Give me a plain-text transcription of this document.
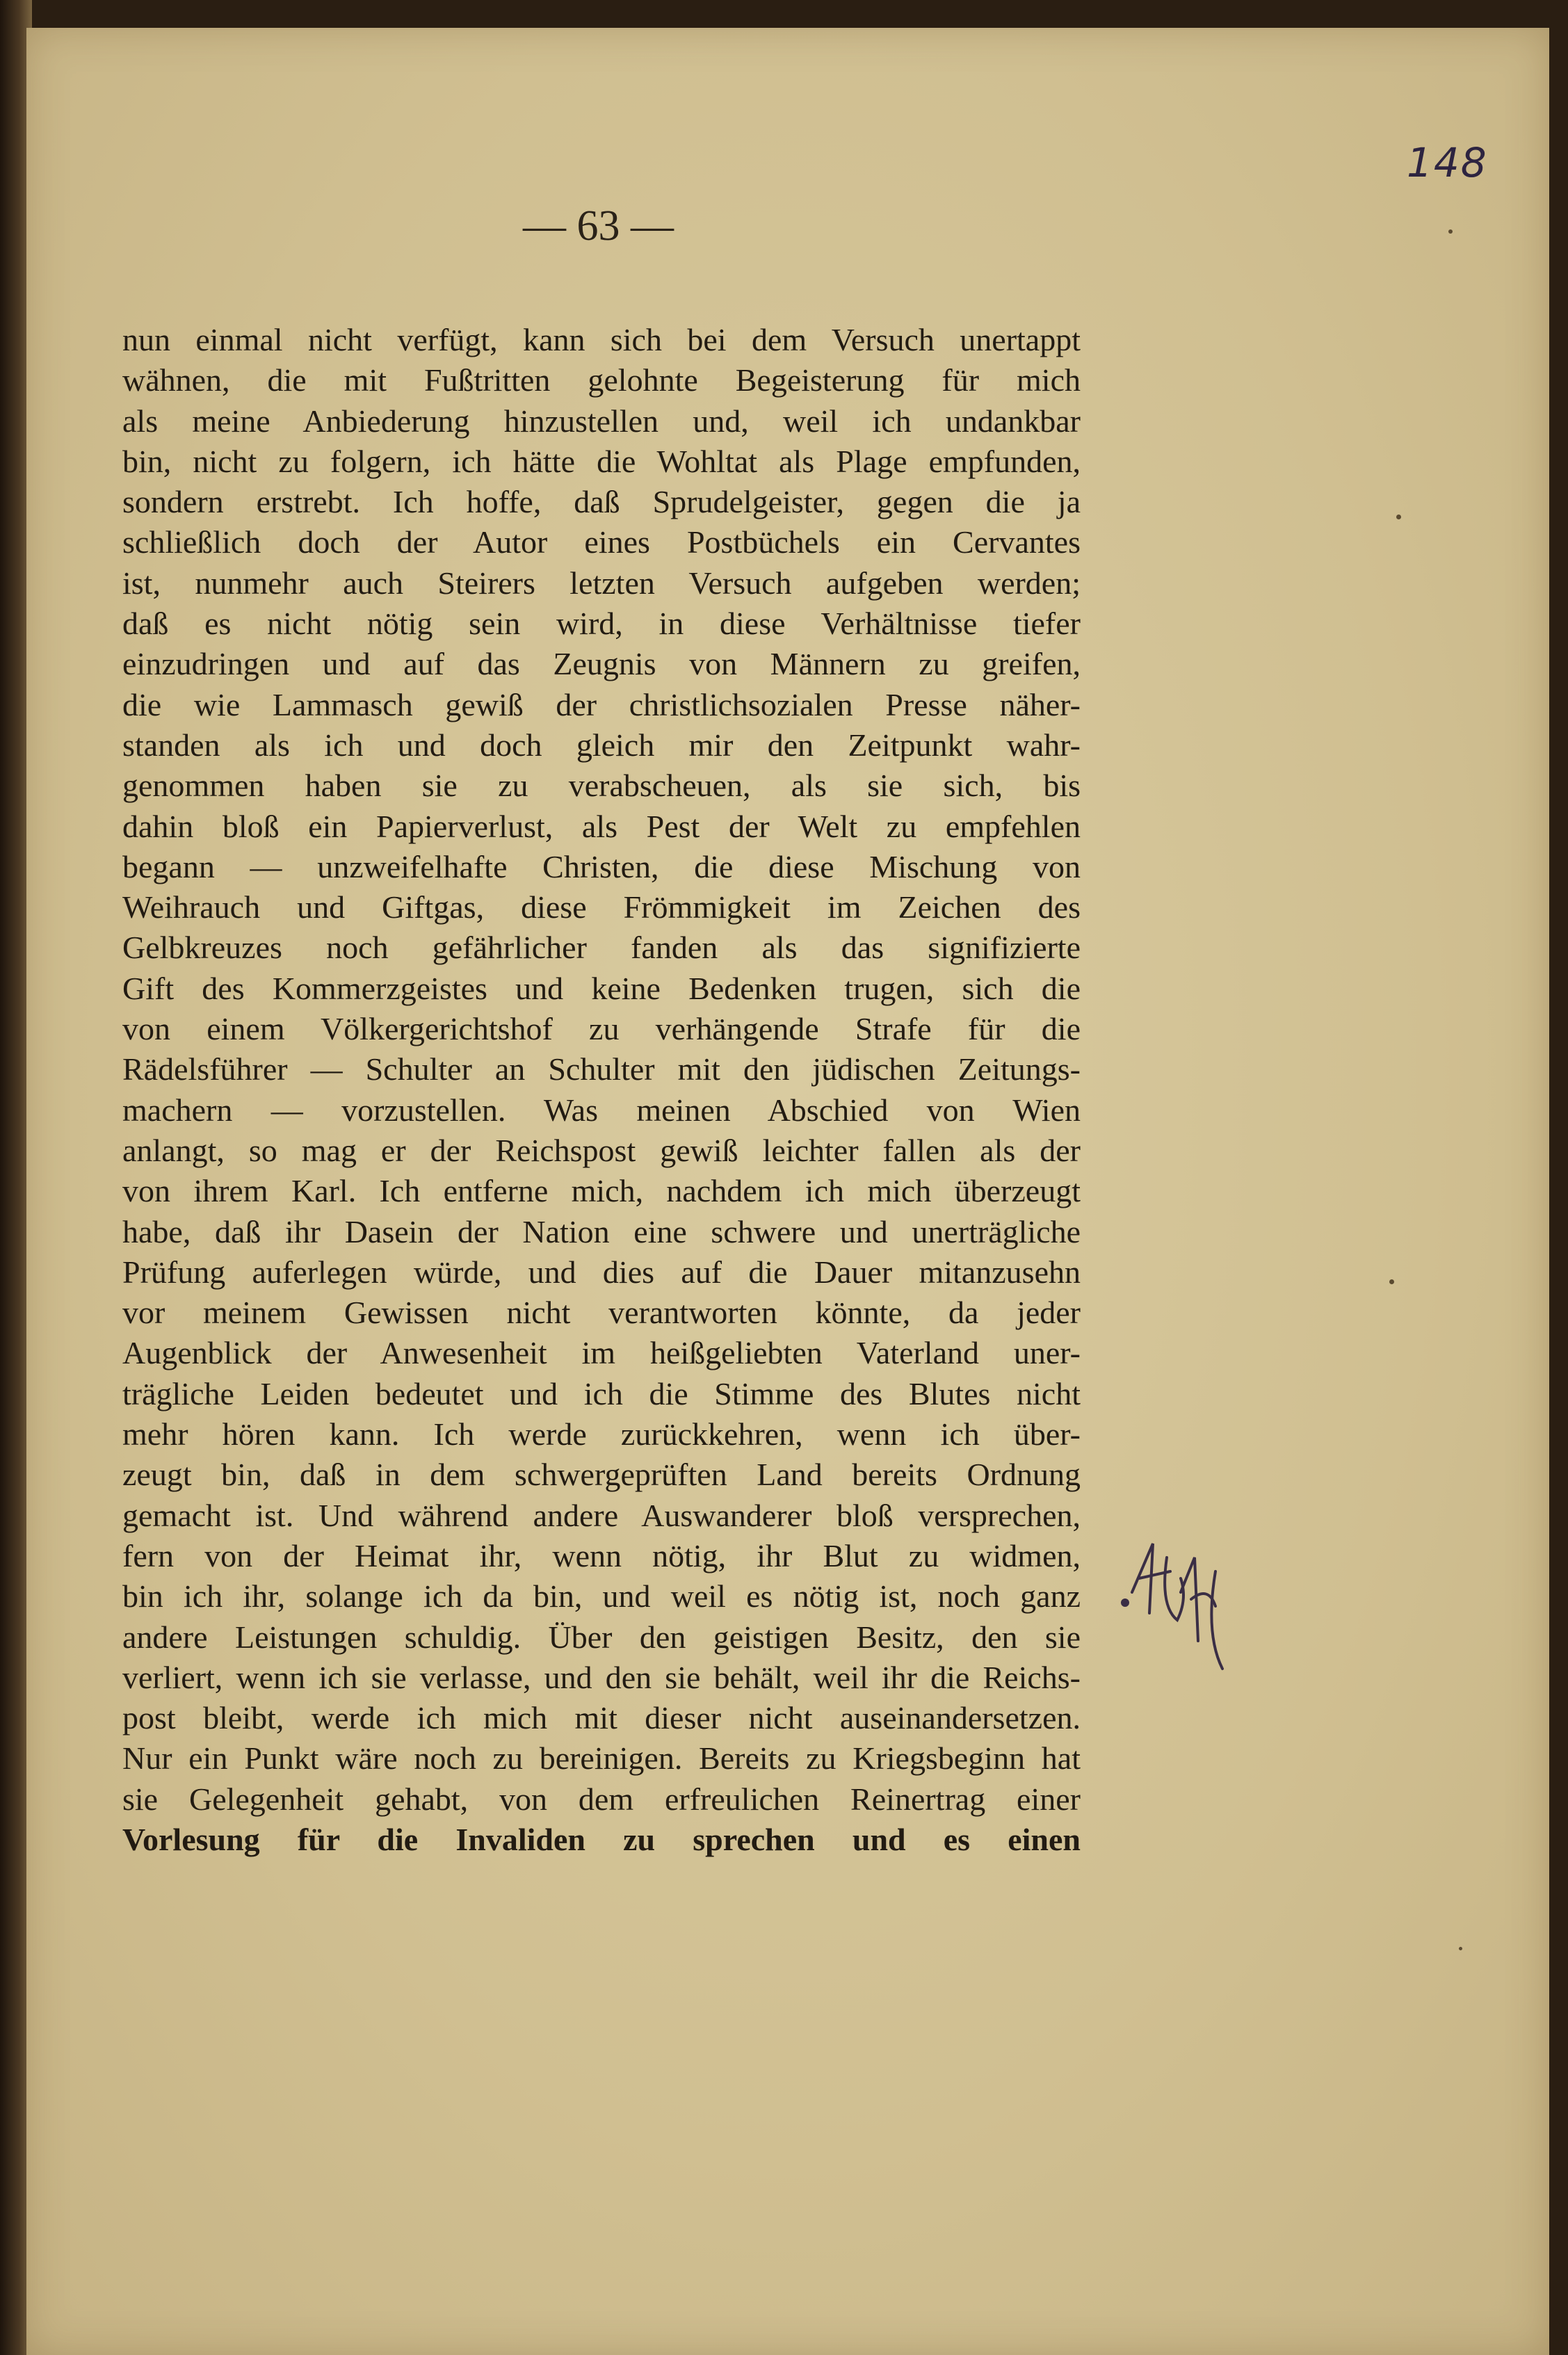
148
— 63 —
nun einmal nicht verfügt, kann sich bei dem Versuch unertappt
wähnen, die mit Fußtritten gelohnte Begeisterung für mich
als meine Anbiederung hinzustellen und, weil ich undankbar
bin, nicht zu folgern, ich hätte die Wohltat als Plage empfunden,
sondern erstrebt. Ich hoffe, daß Sprudelgeister, gegen die ja
schließlich doch der Autor eines Postbüchels ein Cervantes
ist, nunmehr auch Steirers letzten Versuch aufgeben werden;
daß es nicht nötig sein wird, in diese Verhältnisse tiefer
einzudringen und auf das Zeugnis von Männern zu greifen,
die wie Lammasch gewiß der christlichsozialen Presse näher-
standen als ich und doch gleich mir den Zeitpunkt wahr-
genommen haben sie zu verabscheuen, als sie sich, bis
dahin bloß ein Papierverlust, als Pest der Welt zu empfehlen
begann — unzweifelhafte Christen, die diese Mischung von
Weihrauch und Giftgas, diese Frömmigkeit im Zeichen des
Gelbkreuzes noch gefährlicher fanden als das signifizierte
Gift des Kommerzgeistes und keine Bedenken trugen, sich die
von einem Völkergerichtshof zu verhängende Strafe für die
Rädelsführer — Schulter an Schulter mit den jüdischen Zeitungs-
machern — vorzustellen. Was meinen Abschied von Wien
anlangt, so mag er der Reichspost gewiß leichter fallen als der
von ihrem Karl. Ich entferne mich, nachdem ich mich überzeugt
habe, daß ihr Dasein der Nation eine schwere und unerträgliche
Prüfung auferlegen würde, und dies auf die Dauer mitanzusehn
vor meinem Gewissen nicht verantworten könnte, da jeder
Augenblick der Anwesenheit im heißgeliebten Vaterland uner-
trägliche Leiden bedeutet und ich die Stimme des Blutes nicht
mehr hören kann. Ich werde zurückkehren, wenn ich über-
zeugt bin, daß in dem schwergeprüften Land bereits Ordnung
gemacht ist. Und während andere Auswanderer bloß versprechen,
fern von der Heimat ihr, wenn nötig, ihr Blut zu widmen,
bin ich ihr, solange ich da bin, und weil es nötig ist, noch ganz
andere Leistungen schuldig. Über den geistigen Besitz, den sie
verliert, wenn ich sie verlasse, und den sie behält, weil ihr die Reichs-
post bleibt, werde ich mich mit dieser nicht auseinandersetzen.
Nur ein Punkt wäre noch zu bereinigen. Bereits zu Kriegsbeginn hat
sie Gelegenheit gehabt, von dem erfreulichen Reinertrag einer
Vorlesung für die Invaliden zu sprechen und es einen
